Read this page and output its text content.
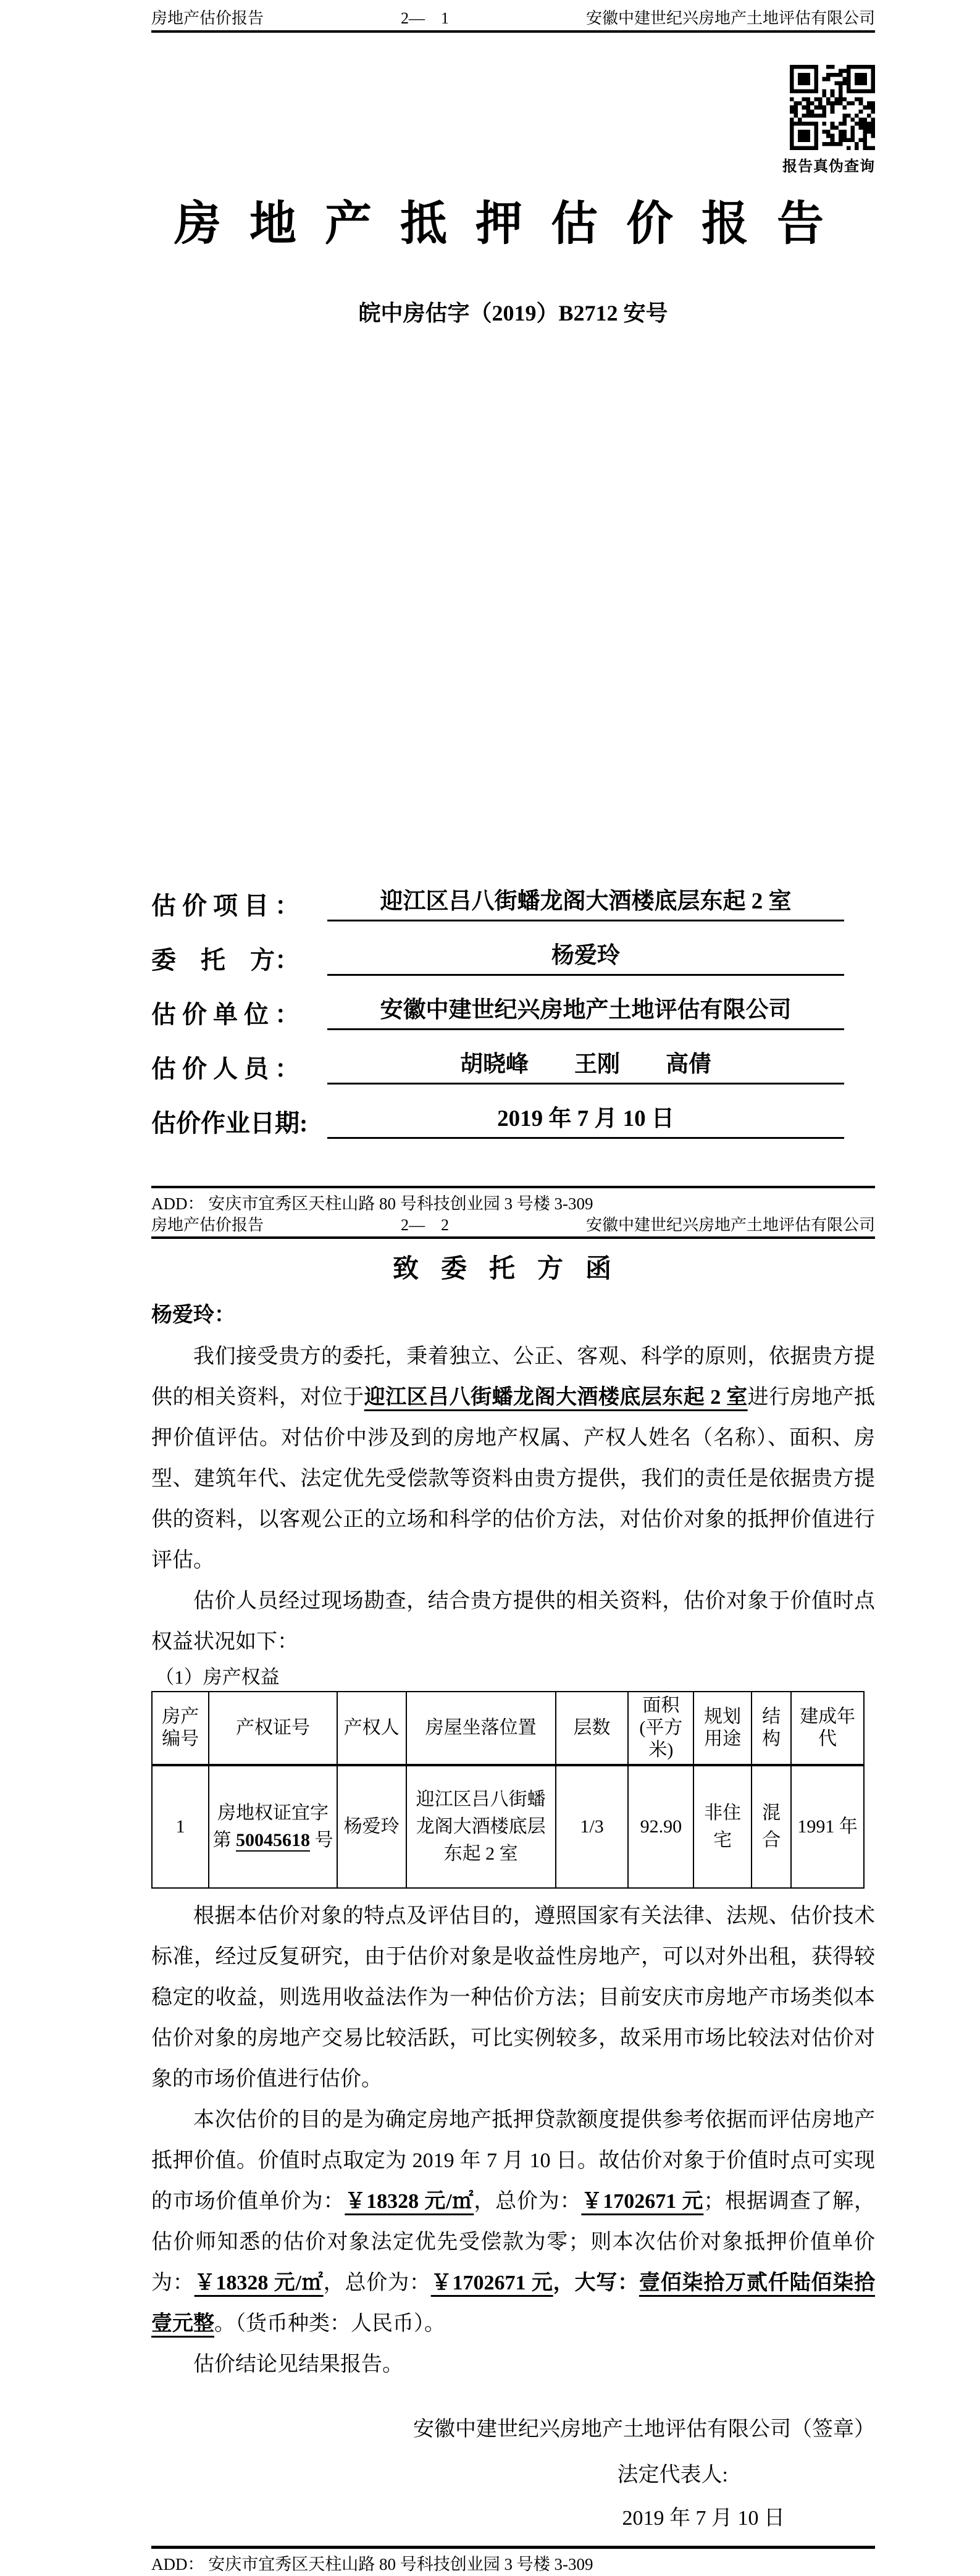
房地产估价报告	2—　1	安徽中建世纪兴房地产土地评估有限公司
报告真伪查询
房地产抵押估价报告
皖中房估字（2019）B2712 安号
估 价 项 目 ：	迎江区吕八街蟠龙阁大酒楼底层东起 2 室
委　托　方：	杨爱玲
估 价 单 位 ：	安徽中建世纪兴房地产土地评估有限公司
估 价 人 员 ：	胡晓峰　　王刚　　高倩
估价作业日期:	2019 年 7 月 10 日
ADD： 安庆市宜秀区天柱山路 80 号科技创业园 3 号楼 3-309
房地产估价报告	2—　2	安徽中建世纪兴房地产土地评估有限公司
致委托方函
杨爱玲：

我们接受贵方的委托，秉着独立、公正、客观、科学的原则，依据贵方提供的相关资料，对位于迎江区吕八街蟠龙阁大酒楼底层东起 2 室进行房地产抵押价值评估。对估价中涉及到的房地产权属、产权人姓名（名称）、面积、房型、建筑年代、法定优先受偿款等资料由贵方提供，我们的责任是依据贵方提供的资料，以客观公正的立场和科学的估价方法，对估价对象的抵押价值进行评估。

估价人员经过现场勘查，结合贵方提供的相关资料，估价对象于价值时点权益状况如下：

（1）房产权益
房产编号	产权证号	产权人	房屋坐落位置	层数	面积(平方米)	规划用途	结构	建成年代
1	房地权证宜字第 50045618 号	杨爱玲	迎江区吕八街蟠龙阁大酒楼底层东起 2 室	1/3	92.90	非住宅	混合	1991 年

根据本估价对象的特点及评估目的，遵照国家有关法律、法规、估价技术标准，经过反复研究，由于估价对象是收益性房地产，可以对外出租，获得较稳定的收益，则选用收益法作为一种估价方法；目前安庆市房地产市场类似本估价对象的房地产交易比较活跃，可比实例较多，故采用市场比较法对估价对象的市场价值进行估价。

本次估价的目的是为确定房地产抵押贷款额度提供参考依据而评估房地产抵押价值。价值时点取定为 2019 年 7 月 10 日。故估价对象于价值时点可实现的市场价值单价为：￥18328 元/㎡，总价为：￥1702671 元；根据调查了解，估价师知悉的估价对象法定优先受偿款为零；则本次估价对象抵押价值单价为：￥18328 元/㎡，总价为：￥1702671 元，大写：壹佰柒拾万贰仟陆佰柒拾壹元整。（货币种类：人民币）。

估价结论见结果报告。

安徽中建世纪兴房地产土地评估有限公司（签章）
法定代表人:
2019 年 7 月 10 日
ADD： 安庆市宜秀区天柱山路 80 号科技创业园 3 号楼 3-309
